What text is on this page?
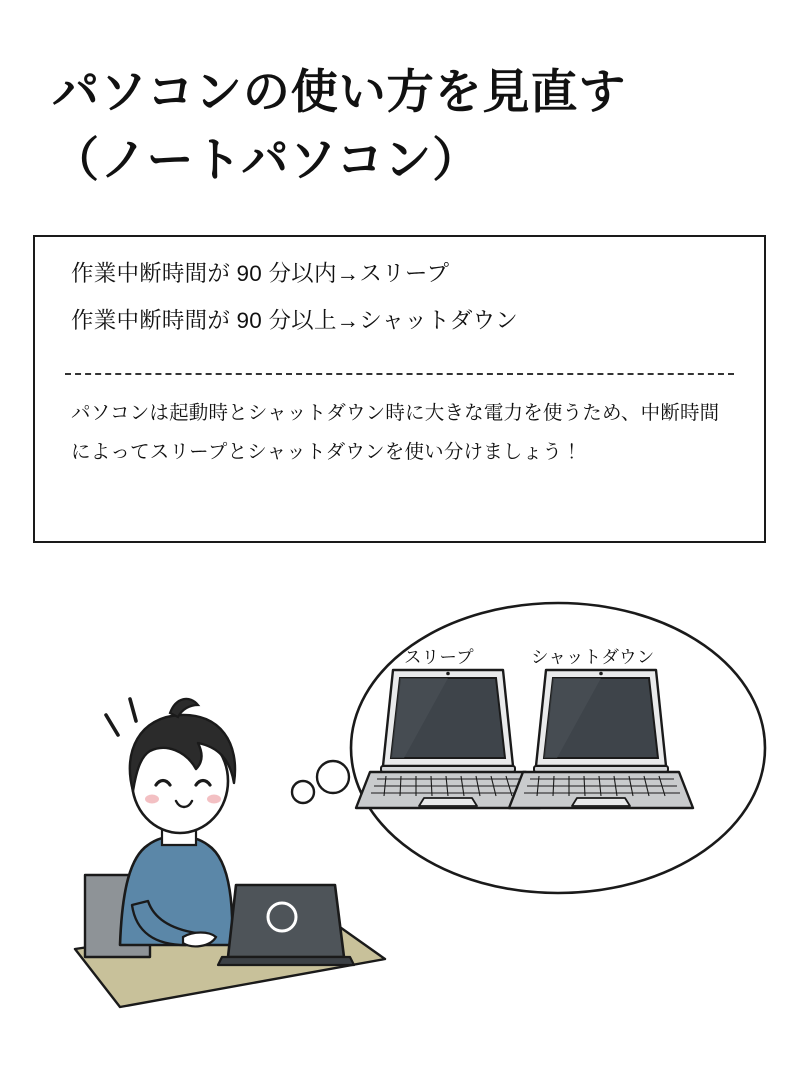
パソコンの使い方を見直す
（ノートパソコン）

作業中断時間が 90 分以内→スリープ

作業中断時間が 90 分以上→シャットダウン

パソコンは起動時とシャットダウン時に大きな電力を使うため、中断時間によってスリープとシャットダウンを使い分けましょう！
スリープ	シャットダウン
